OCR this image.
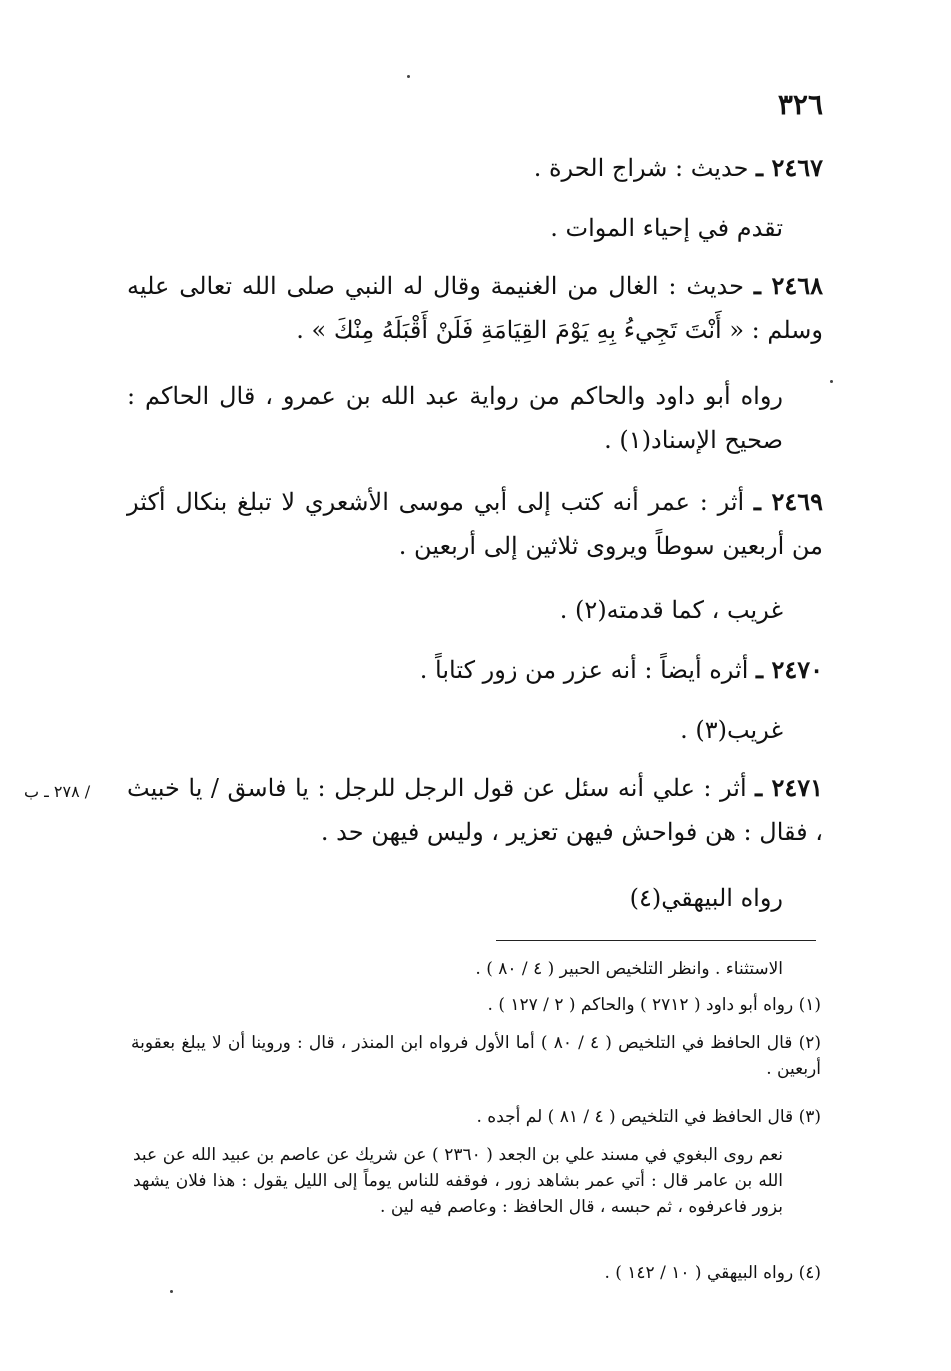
٣٢٦
/ ٢٧٨ ـ ب
٢٤٦٧ ـ حديث : شراج الحرة .
تقدم في إحياء الموات .
٢٤٦٨ ـ حديث : الغال من الغنيمة وقال له النبي صلى الله تعالى عليه وسلم : « أَنْتَ تَجِيءُ بِهِ يَوْمَ القِيَامَةِ فَلَنْ أَقْبَلَهُ مِنْكَ » .
رواه أبو داود والحاكم من رواية عبد الله بن عمرو ، قال الحاكم : صحيح الإسناد(١) .
٢٤٦٩ ـ أثر : عمر أنه كتب إلى أبي موسى الأشعري لا تبلغ بنكال أكثر من أربعين سوطاً ويروى ثلاثين إلى أربعين .
غريب ، كما قدمته(٢) .
٢٤٧٠ ـ أثره أيضاً : أنه عزر من زور كتاباً .
غريب(٣) .
٢٤٧١ ـ أثر : علي أنه سئل عن قول الرجل للرجل : يا فاسق / يا خبيث ، فقال : هن فواحش فيهن تعزير ، وليس فيهن حد .
رواه البيهقي(٤)
الاستثناء . وانظر التلخيص الحبير ( ٤ / ٨٠ ) .
(١) رواه أبو داود ( ٢٧١٢ ) والحاكم ( ٢ / ١٢٧ ) .
(٢) قال الحافظ في التلخيص ( ٤ / ٨٠ ) أما الأول فرواه ابن المنذر ، قال : وروينا أن لا يبلغ بعقوبة أربعين .
(٣) قال الحافظ في التلخيص ( ٤ / ٨١ ) لم أجده .
نعم روى البغوي في مسند علي بن الجعد ( ٢٣٦٠ ) عن شريك عن عاصم بن عبيد الله عن عبد الله بن عامر قال : أتي عمر بشاهد زور ، فوقفه للناس يوماً إلى الليل يقول : هذا فلان يشهد بزور فاعرفوه ، ثم حبسه ، قال الحافظ : وعاصم فيه لين .
(٤) رواه البيهقي ( ١٠ / ١٤٢ ) .
